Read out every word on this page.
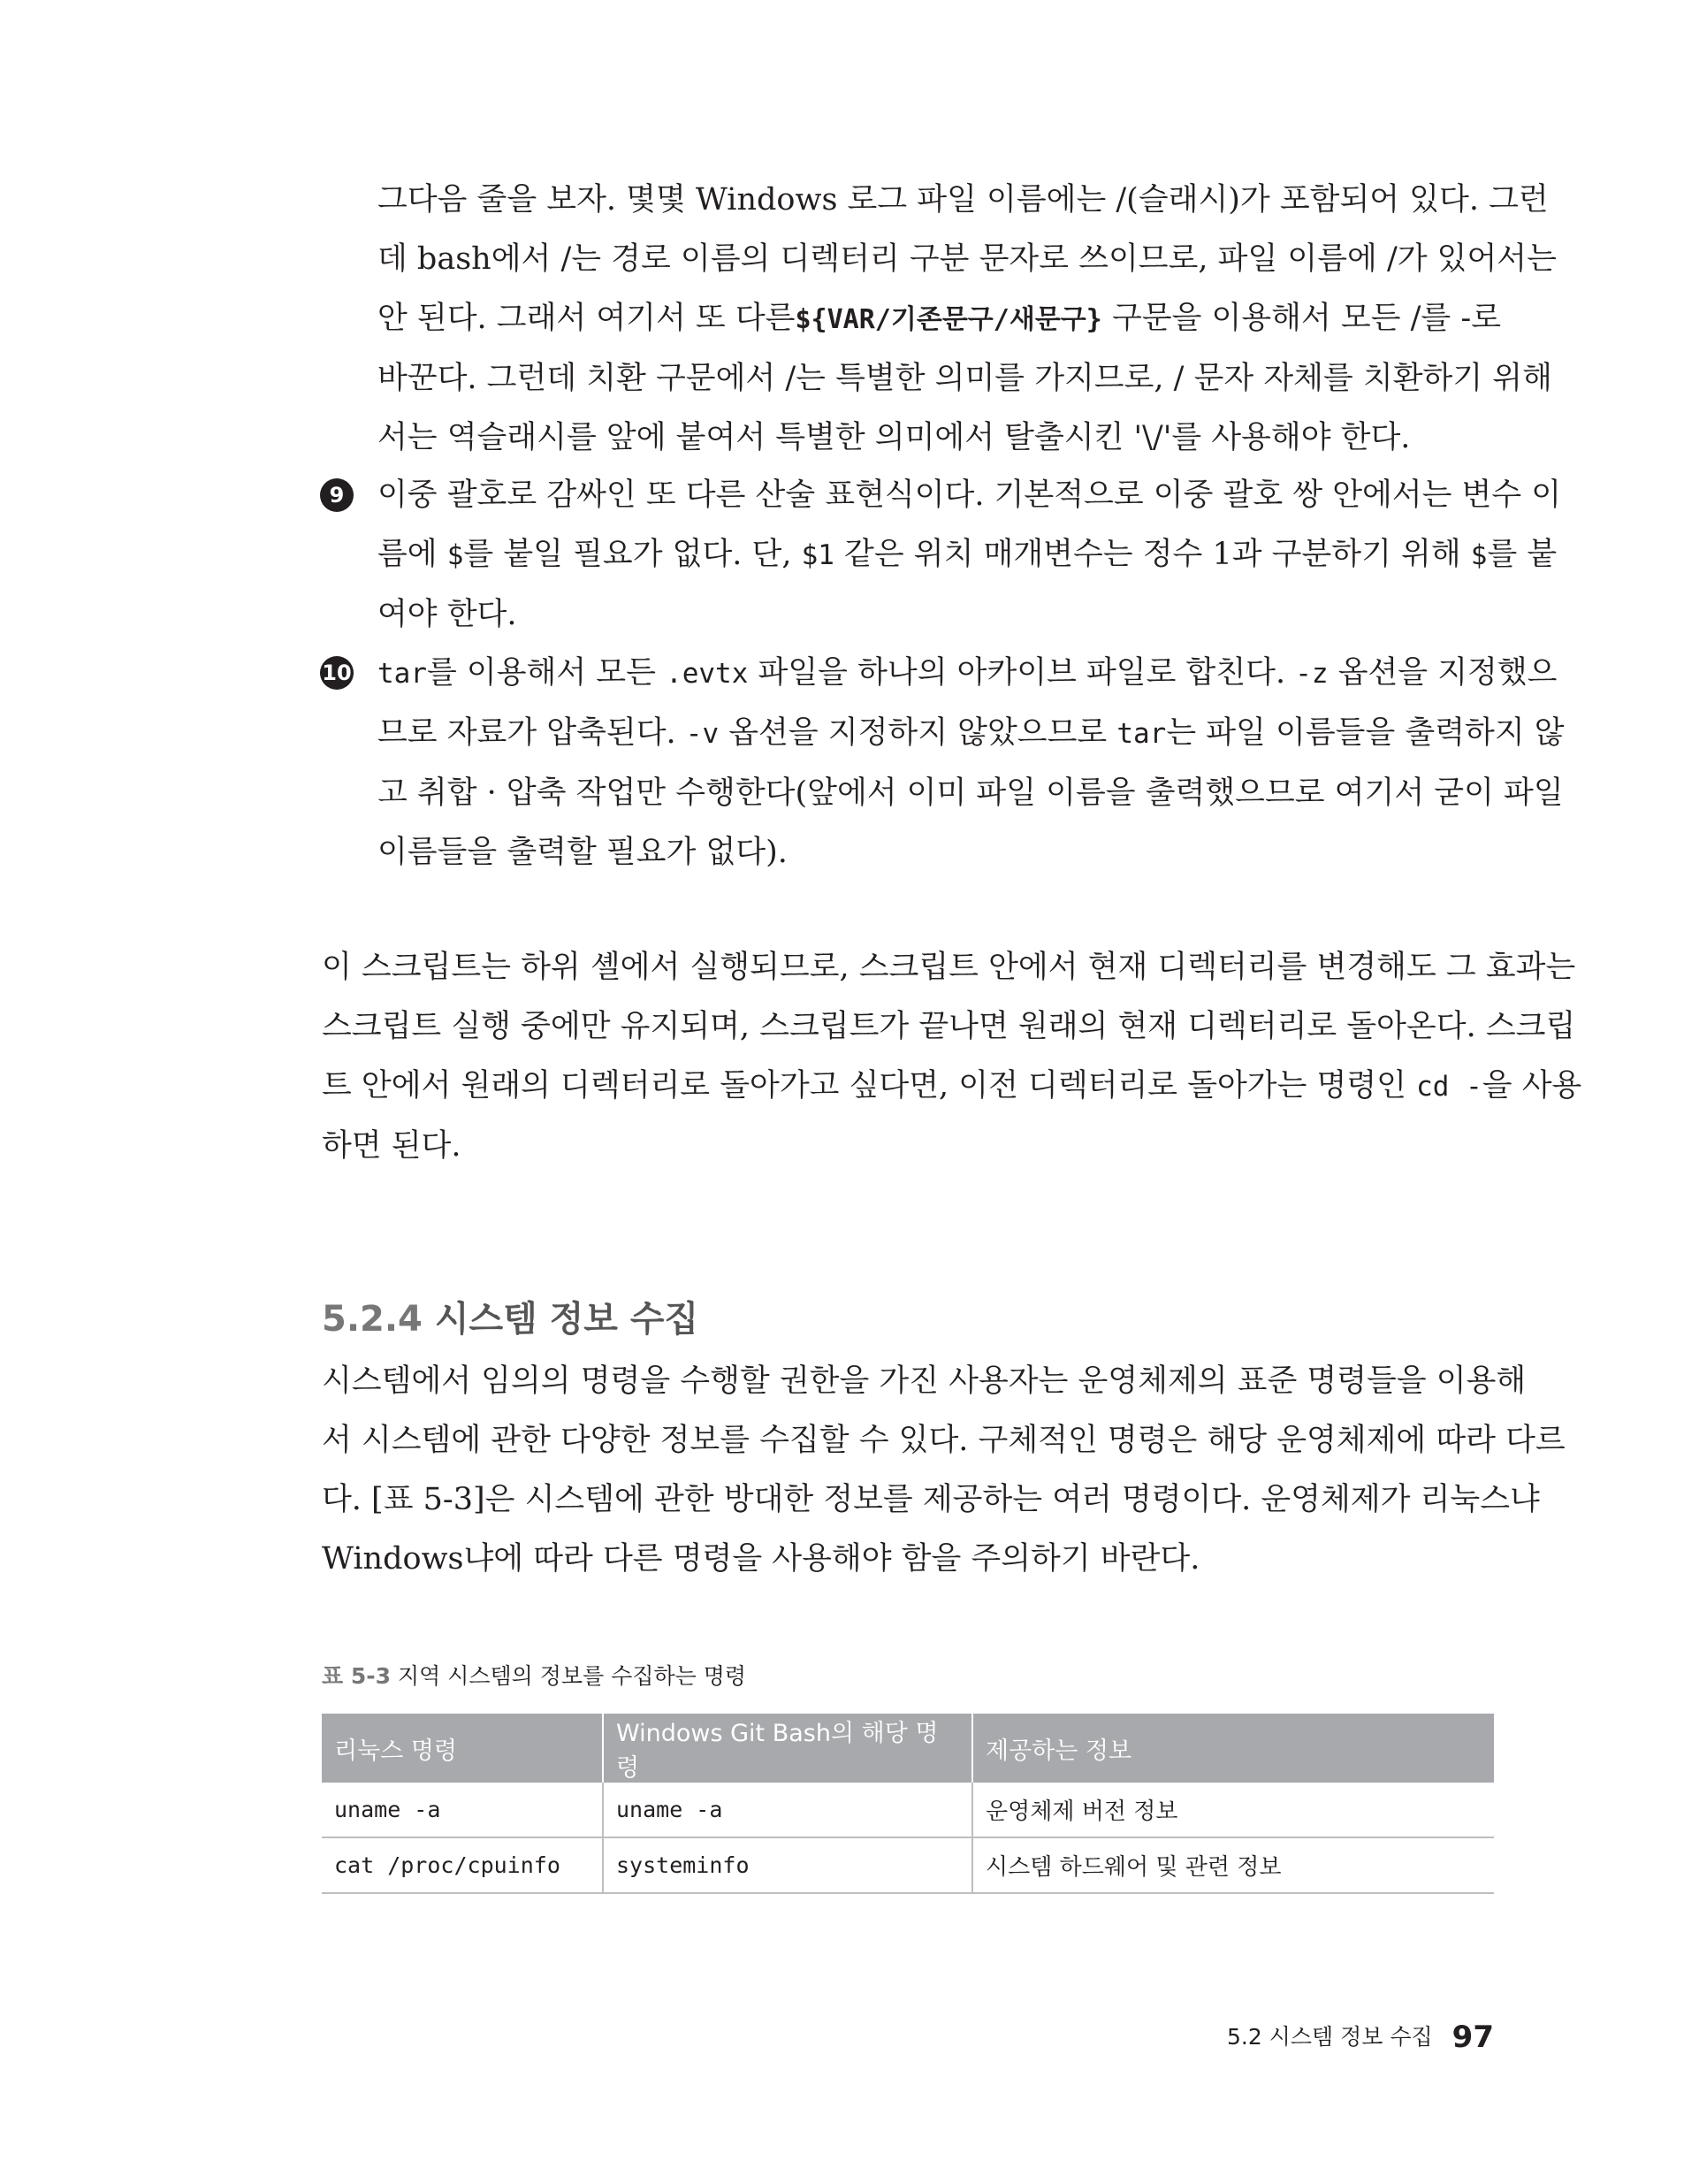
그다음 줄을 보자. 몇몇 Windows 로그 파일 이름에는 /(슬래시)가 포함되어 있다. 그런
데 bash에서 /는 경로 이름의 디렉터리 구분 문자로 쓰이므로, 파일 이름에 /가 있어서는
안 된다. 그래서 여기서 또 다른${VAR/기존문구/새문구} 구문을 이용해서 모든 /를 -로
바꾼다. 그런데 치환 구문에서 /는 특별한 의미를 가지므로, / 문자 자체를 치환하기 위해
서는 역슬래시를 앞에 붙여서 특별한 의미에서 탈출시킨 '\/'를 사용해야 한다.
9	이중 괄호로 감싸인 또 다른 산술 표현식이다. 기본적으로 이중 괄호 쌍 안에서는 변수 이
름에 $를 붙일 필요가 없다. 단, $1 같은 위치 매개변수는 정수 1과 구분하기 위해 $를 붙
여야 한다.
10 tar를 이용해서 모든 .evtx 파일을 하나의 아카이브 파일로 합친다. -z 옵션을 지정했으
므로 자료가 압축된다. -v 옵션을 지정하지 않았으므로 tar는 파일 이름들을 출력하지 않
고 취합 · 압축 작업만 수행한다(앞에서 이미 파일 이름을 출력했으므로 여기서 굳이 파일
이름들을 출력할 필요가 없다).
이 스크립트는 하위 셸에서 실행되므로, 스크립트 안에서 현재 디렉터리를 변경해도 그 효과는
스크립트 실행 중에만 유지되며, 스크립트가 끝나면 원래의 현재 디렉터리로 돌아온다. 스크립
트 안에서 원래의 디렉터리로 돌아가고 싶다면, 이전 디렉터리로 돌아가는 명령인 cd -을 사용
하면 된다.
5.2.4 시스템 정보 수집
시스템에서 임의의 명령을 수행할 권한을 가진 사용자는 운영체제의 표준 명령들을 이용해
서 시스템에 관한 다양한 정보를 수집할 수 있다. 구체적인 명령은 해당 운영체제에 따라 다르
다. [표 5-3]은 시스템에 관한 방대한 정보를 제공하는 여러 명령이다. 운영체제가 리눅스냐
Windows냐에 따라 다른 명령을 사용해야 함을 주의하기 바란다.
표 5-3 지역 시스템의 정보를 수집하는 명령
리눅스 명령	Windows Git Bash의 해당 명령	제공하는 정보
uname -a	uname -a	운영체제 버전 정보
cat /proc/cpuinfo	systeminfo	시스템 하드웨어 및 관련 정보
5.2 시스템 정보 수집 97
